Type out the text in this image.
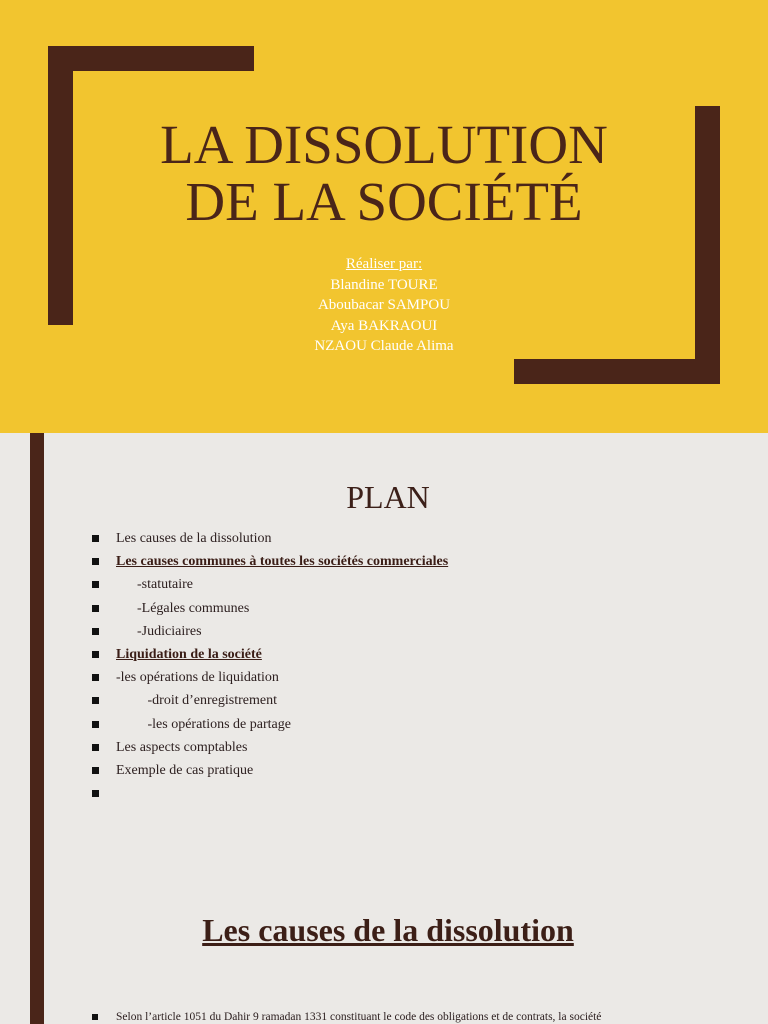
LA DISSOLUTION
DE LA SOCIÉTÉ
Réaliser par:
Blandine TOURE
Aboubacar SAMPOU
Aya BAKRAOUI
NZAOU Claude Alima
PLAN
Les causes de la dissolution
Les causes communes à toutes les sociétés commerciales
-statutaire
-Légales communes
-Judiciaires
Liquidation de la société
-les opérations de liquidation
-droit d’enregistrement
-les opérations de partage
Les aspects comptables
Exemple de cas pratique
Les causes de la dissolution
Selon l’article 1051 du Dahir 9 ramadan 1331 constituant le code des obligations et de contrats, la société
